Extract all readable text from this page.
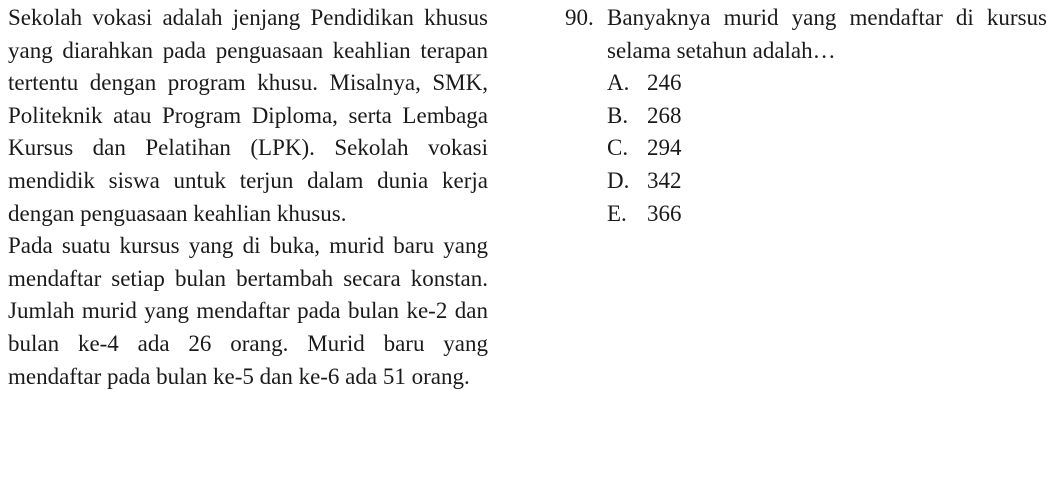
Sekolah vokasi adalah jenjang Pendidikan khusus yang diarahkan pada penguasaan keahlian terapan tertentu dengan program khusu. Misalnya, SMK, Politeknik atau Program Diploma, serta Lembaga Kursus dan Pelatihan (LPK). Sekolah vokasi mendidik siswa untuk terjun dalam dunia kerja dengan penguasaan keahlian khusus.

Pada suatu kursus yang di buka, murid baru yang mendaftar setiap bulan bertambah secara konstan. Jumlah murid yang mendaftar pada bulan ke-2 dan bulan ke-4 ada 26 orang. Murid baru yang mendaftar pada bulan ke-5 dan ke-6 ada 51 orang.

90. Banyaknya murid yang mendaftar di kursus selama setahun adalah…
A. 246
B. 268
C. 294
D. 342
E. 366
